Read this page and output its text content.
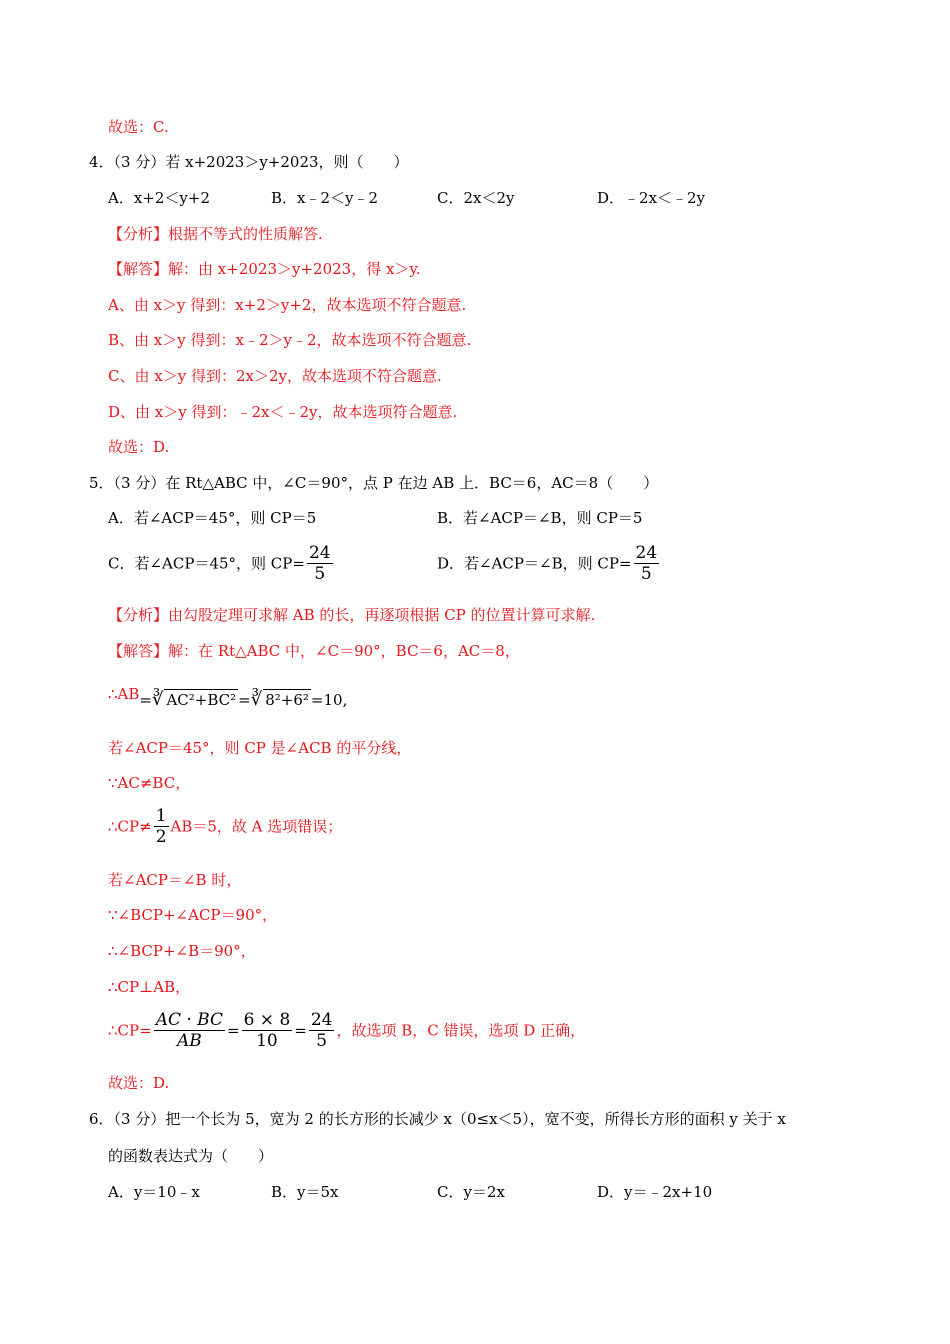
故选：C.
4．（3 分）若 x+2023＞y+2023，则（　　）
A．x+2＜y+2	B．x﹣2＜y﹣2	C．2x＜2y	D．﹣2x＜﹣2y
【分析】根据不等式的性质解答.
【解答】解：由 x+2023＞y+2023，得 x＞y.
A、由 x＞y 得到：x+2＞y+2，故本选项不符合题意.
B、由 x＞y 得到：x﹣2＞y﹣2，故本选项不符合题意.
C、由 x＞y 得到：2x＞2y，故本选项不符合题意.
D、由 x＞y 得到：﹣2x＜﹣2y，故本选项符合题意.
故选：D.
5．（3 分）在 Rt△ABC 中，∠C＝90°，点 P 在边 AB 上．BC＝6，AC＝8（　　）
A．若∠ACP＝45°，则 CP＝5	B．若∠ACP＝∠B，则 CP＝5
C．若∠ACP＝45°，则 $CP= \frac{24}{5}$	D．若∠ACP＝∠B，则 $CP= \frac{24}{5}$
【分析】由勾股定理可求解 AB 的长，再逐项根据 CP 的位置计算可求解.
【解答】解：在 Rt△ABC 中，∠C＝90°，BC＝6，AC＝8，
∴AB=∛ AC²+BC² =∛ 8²+6² =10,
若∠ACP＝45°，则 CP 是∠ACB 的平分线，
∵AC≠BC，
∴CP≠ $\frac{1}{2} AB=5$，故 A 选项错误；
若∠ACP＝∠B 时，
∵∠BCP+∠ACP＝90°，
∴∠BCP+∠B＝90°，
∴CP⊥AB，
∴CP= $\frac{AC \cdot BC}{AB} = \frac{6 \times 8}{10} = \frac{24}{5}$ ，故选项 B，C 错误，选项 D 正确，
故选：D.
6．（3 分）把一个长为 5，宽为 2 的长方形的长减少 x（0≤x＜5），宽不变，所得长方形的面积 y 关于 x
的函数表达式为（　　）
A．y＝10﹣x	B．y＝5x	C．y＝2x	D．y＝﹣2x+10
